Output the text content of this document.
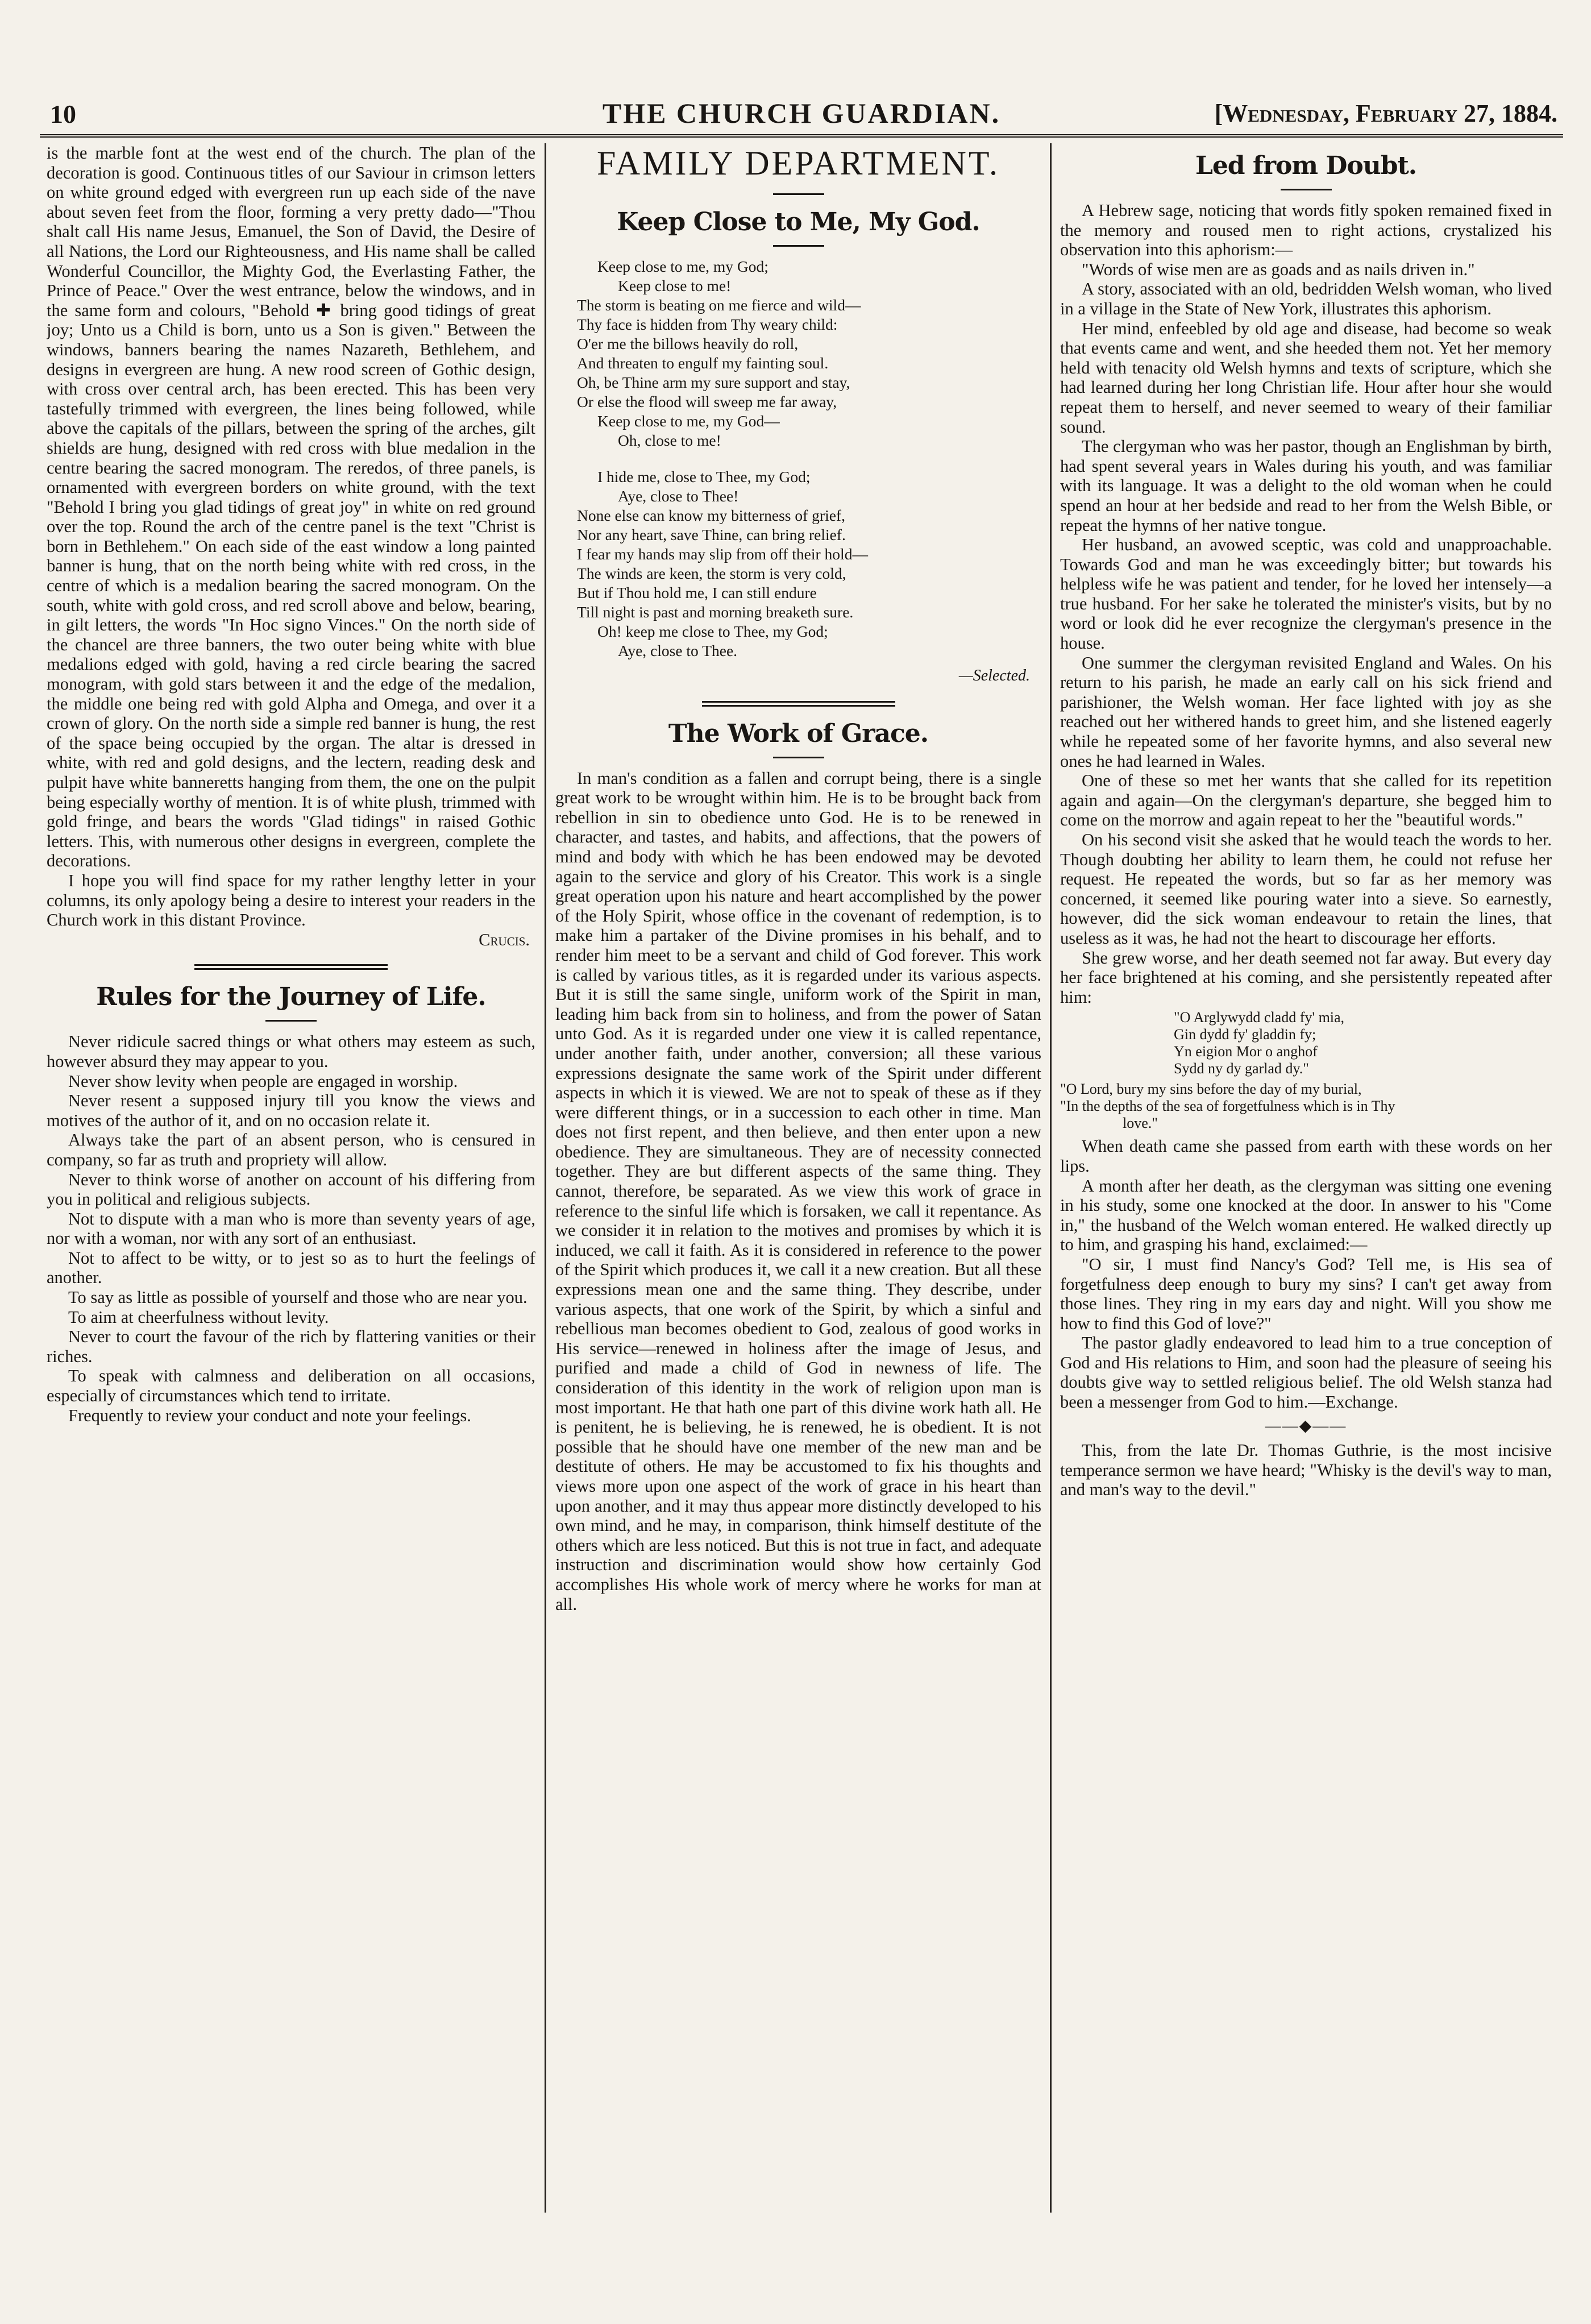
10	THE CHURCH GUARDIAN.	[Wednesday, February 27, 1884.

is the marble font at the west end of the church. The plan of the decoration is good. Continuous titles of our Saviour in crimson letters on white ground edged with evergreen run up each side of the nave about seven feet from the floor, forming a very pretty dado—"Thou shalt call His name Jesus, Emanuel, the Son of David, the Desire of all Nations, the Lord our Righteousness, and His name shall be called Wonderful Councillor, the Mighty God, the Everlasting Father, the Prince of Peace." Over the west entrance, below the windows, and in the same form and colours, "Behold ✚ bring good tidings of great joy; Unto us a Child is born, unto us a Son is given." Between the windows, banners bearing the names Nazareth, Bethlehem, and designs in evergreen are hung. A new rood screen of Gothic design, with cross over central arch, has been erected. This has been very tastefully trimmed with evergreen, the lines being followed, while above the capitals of the pillars, between the spring of the arches, gilt shields are hung, designed with red cross with blue medalion in the centre bearing the sacred monogram. The reredos, of three panels, is ornamented with evergreen borders on white ground, with the text "Behold I bring you glad tidings of great joy" in white on red ground over the top. Round the arch of the centre panel is the text "Christ is born in Bethlehem." On each side of the east window a long painted banner is hung, that on the north being white with red cross, in the centre of which is a medalion bearing the sacred monogram. On the south, white with gold cross, and red scroll above and below, bearing, in gilt letters, the words "In Hoc signo Vinces." On the north side of the chancel are three banners, the two outer being white with blue medalions edged with gold, having a red circle bearing the sacred monogram, with gold stars between it and the edge of the medalion, the middle one being red with gold Alpha and Omega, and over it a crown of glory. On the north side a simple red banner is hung, the rest of the space being occupied by the organ. The altar is dressed in white, with red and gold designs, and the lectern, reading desk and pulpit have white banneretts hanging from them, the one on the pulpit being especially worthy of mention. It is of white plush, trimmed with gold fringe, and bears the words "Glad tidings" in raised Gothic letters. This, with numerous other designs in evergreen, complete the decorations.

I hope you will find space for my rather lengthy letter in your columns, its only apology being a desire to interest your readers in the Church work in this distant Province.

Crucis.
Rules for the Journey of Life.

Never ridicule sacred things or what others may esteem as such, however absurd they may appear to you.

Never show levity when people are engaged in worship.

Never resent a supposed injury till you know the views and motives of the author of it, and on no occasion relate it.

Always take the part of an absent person, who is censured in company, so far as truth and propriety will allow.

Never to think worse of another on account of his differing from you in political and religious subjects.

Not to dispute with a man who is more than seventy years of age, nor with a woman, nor with any sort of an enthusiast.

Not to affect to be witty, or to jest so as to hurt the feelings of another.

To say as little as possible of yourself and those who are near you.

To aim at cheerfulness without levity.

Never to court the favour of the rich by flattering vanities or their riches.

To speak with calmness and deliberation on all occasions, especially of circumstances which tend to irritate.

Frequently to review your conduct and note your feelings.

FAMILY DEPARTMENT.
Keep Close to Me, My God.
Keep close to me, my God;
Keep close to me!
The storm is beating on me fierce and wild—
Thy face is hidden from Thy weary child:
O'er me the billows heavily do roll,
And threaten to engulf my fainting soul.
Oh, be Thine arm my sure support and stay,
Or else the flood will sweep me far away,
Keep close to me, my God—
Oh, close to me!
I hide me, close to Thee, my God;
Aye, close to Thee!
None else can know my bitterness of grief,
Nor any heart, save Thine, can bring relief.
I fear my hands may slip from off their hold—
The winds are keen, the storm is very cold,
But if Thou hold me, I can still endure
Till night is past and morning breaketh sure.
Oh! keep me close to Thee, my God;
Aye, close to Thee.
—Selected.
The Work of Grace.

In man's condition as a fallen and corrupt being, there is a single great work to be wrought within him. He is to be brought back from rebellion in sin to obedience unto God. He is to be renewed in character, and tastes, and habits, and affections, that the powers of mind and body with which he has been endowed may be devoted again to the service and glory of his Creator. This work is a single great operation upon his nature and heart accomplished by the power of the Holy Spirit, whose office in the covenant of redemption, is to make him a partaker of the Divine promises in his behalf, and to render him meet to be a servant and child of God forever. This work is called by various titles, as it is regarded under its various aspects. But it is still the same single, uniform work of the Spirit in man, leading him back from sin to holiness, and from the power of Satan unto God. As it is regarded under one view it is called repentance, under another faith, under another, conversion; all these various expressions designate the same work of the Spirit under different aspects in which it is viewed. We are not to speak of these as if they were different things, or in a succession to each other in time. Man does not first repent, and then believe, and then enter upon a new obedience. They are simultaneous. They are of necessity connected together. They are but different aspects of the same thing. They cannot, therefore, be separated. As we view this work of grace in reference to the sinful life which is forsaken, we call it repentance. As we consider it in relation to the motives and promises by which it is induced, we call it faith. As it is considered in reference to the power of the Spirit which produces it, we call it a new creation. But all these expressions mean one and the same thing. They describe, under various aspects, that one work of the Spirit, by which a sinful and rebellious man becomes obedient to God, zealous of good works in His service—renewed in holiness after the image of Jesus, and purified and made a child of God in newness of life. The consideration of this identity in the work of religion upon man is most important. He that hath one part of this divine work hath all. He is penitent, he is believing, he is renewed, he is obedient. It is not possible that he should have one member of the new man and be destitute of others. He may be accustomed to fix his thoughts and views more upon one aspect of the work of grace in his heart than upon another, and it may thus appear more distinctly developed to his own mind, and he may, in comparison, think himself destitute of the others which are less noticed. But this is not true in fact, and adequate instruction and discrimination would show how certainly God accomplishes His whole work of mercy where he works for man at all.

Led from Doubt.

A Hebrew sage, noticing that words fitly spoken remained fixed in the memory and roused men to right actions, crystalized his observation into this aphorism:—

"Words of wise men are as goads and as nails driven in."

A story, associated with an old, bedridden Welsh woman, who lived in a village in the State of New York, illustrates this aphorism.

Her mind, enfeebled by old age and disease, had become so weak that events came and went, and she heeded them not. Yet her memory held with tenacity old Welsh hymns and texts of scripture, which she had learned during her long Christian life. Hour after hour she would repeat them to herself, and never seemed to weary of their familiar sound.

The clergyman who was her pastor, though an Englishman by birth, had spent several years in Wales during his youth, and was familiar with its language. It was a delight to the old woman when he could spend an hour at her bedside and read to her from the Welsh Bible, or repeat the hymns of her native tongue.

Her husband, an avowed sceptic, was cold and unapproachable. Towards God and man he was exceedingly bitter; but towards his helpless wife he was patient and tender, for he loved her intensely—a true husband. For her sake he tolerated the minister's visits, but by no word or look did he ever recognize the clergyman's presence in the house.

One summer the clergyman revisited England and Wales. On his return to his parish, he made an early call on his sick friend and parishioner, the Welsh woman. Her face lighted with joy as she reached out her withered hands to greet him, and she listened eagerly while he repeated some of her favorite hymns, and also several new ones he had learned in Wales.

One of these so met her wants that she called for its repetition again and again—On the clergyman's departure, she begged him to come on the morrow and again repeat to her the "beautiful words."

On his second visit she asked that he would teach the words to her. Though doubting her ability to learn them, he could not refuse her request. He repeated the words, but so far as her memory was concerned, it seemed like pouring water into a sieve. So earnestly, however, did the sick woman endeavour to retain the lines, that useless as it was, he had not the heart to discourage her efforts.

She grew worse, and her death seemed not far away. But every day her face brightened at his coming, and she persistently repeated after him:

"O Arglywydd cladd fy' mia,
Gin dydd fy' gladdin fy;
Yn eigion Mor o anghof
Sydd ny dy garlad dy."
"O Lord, bury my sins before the day of my burial,
"In the depths of the sea of forgetfulness which is in Thy
love."

When death came she passed from earth with these words on her lips.

A month after her death, as the clergyman was sitting one evening in his study, some one knocked at the door. In answer to his "Come in," the husband of the Welch woman entered. He walked directly up to him, and grasping his hand, exclaimed:—

"O sir, I must find Nancy's God? Tell me, is His sea of forgetfulness deep enough to bury my sins? I can't get away from those lines. They ring in my ears day and night. Will you show me how to find this God of love?"

The pastor gladly endeavored to lead him to a true conception of God and His relations to Him, and soon had the pleasure of seeing his doubts give way to settled religious belief. The old Welsh stanza had been a messenger from God to him.—Exchange.

——◆——

This, from the late Dr. Thomas Guthrie, is the most incisive temperance sermon we have heard; "Whisky is the devil's way to man, and man's way to the devil."
